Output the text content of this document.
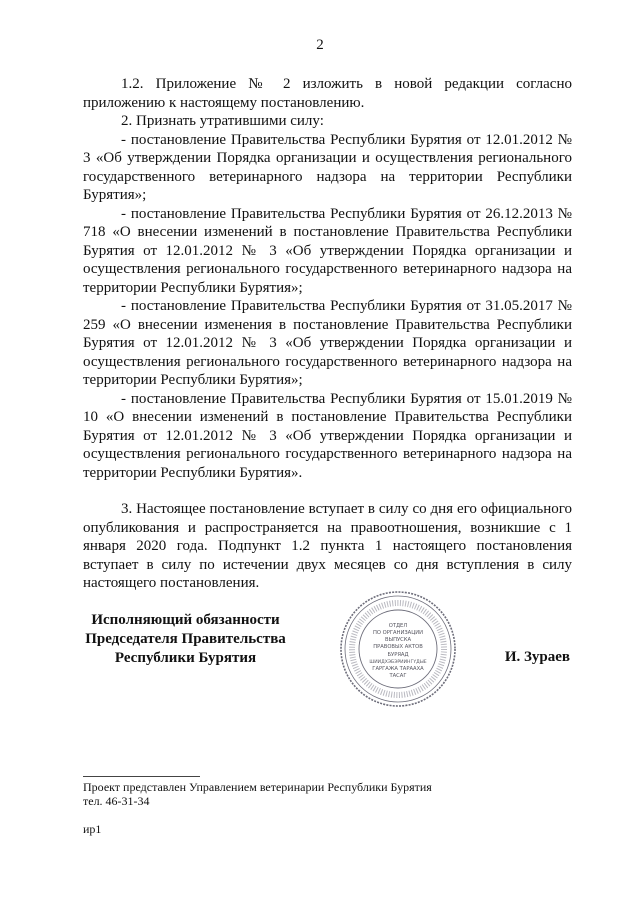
2

1.2. Приложение № 2 изложить в новой редакции согласно приложению к настоящему постановлению.

2. Признать утратившими силу:

- постановление Правительства Республики Бурятия от 12.01.2012 № 3 «Об утверждении Порядка организации и осуществления регионального государственного ветеринарного надзора на территории Республики Бурятия»;

- постановление Правительства Республики Бурятия от 26.12.2013 № 718 «О внесении изменений в постановление Правительства Республики Бурятия от 12.01.2012 № 3 «Об утверждении Порядка организации и осуществления регионального государственного ветеринарного надзора на территории Республики Бурятия»;

- постановление Правительства Республики Бурятия от 31.05.2017 № 259 «О внесении изменения в постановление Правительства Республики Бурятия от 12.01.2012 № 3 «Об утверждении Порядка организации и осуществления регионального государственного ветеринарного надзора на территории Республики Бурятия»;

- постановление Правительства Республики Бурятия от 15.01.2019 № 10 «О внесении изменений в постановление Правительства Республики Бурятия от 12.01.2012 № 3 «Об утверждении Порядка организации и осуществления регионального государственного ветеринарного надзора на территории Республики Бурятия».

3. Настоящее постановление вступает в силу со дня его официального опубликования и распространяется на правоотношения, возникшие с 1 января 2020 года. Подпункт 1.2 пункта 1 настоящего постановления вступает в силу по истечении двух месяцев со дня вступления в силу настоящего постановления.

Исполняющий обязанности
Председателя Правительства
Республики Бурятия
ОТДЕЛ
ПО ОРГАНИЗАЦИИ
ВЫПУСКА
ПРАВОВЫХ АКТОВ
БУРЯАД
ШИИДХЭБЭРИИНГҮДЫЕ
ГАРГАЖА ТАРААХА
ТАСАГ
И. Зураев
Проект представлен Управлением ветеринарии Республики Бурятия
тел. 46-31-34
ир1
